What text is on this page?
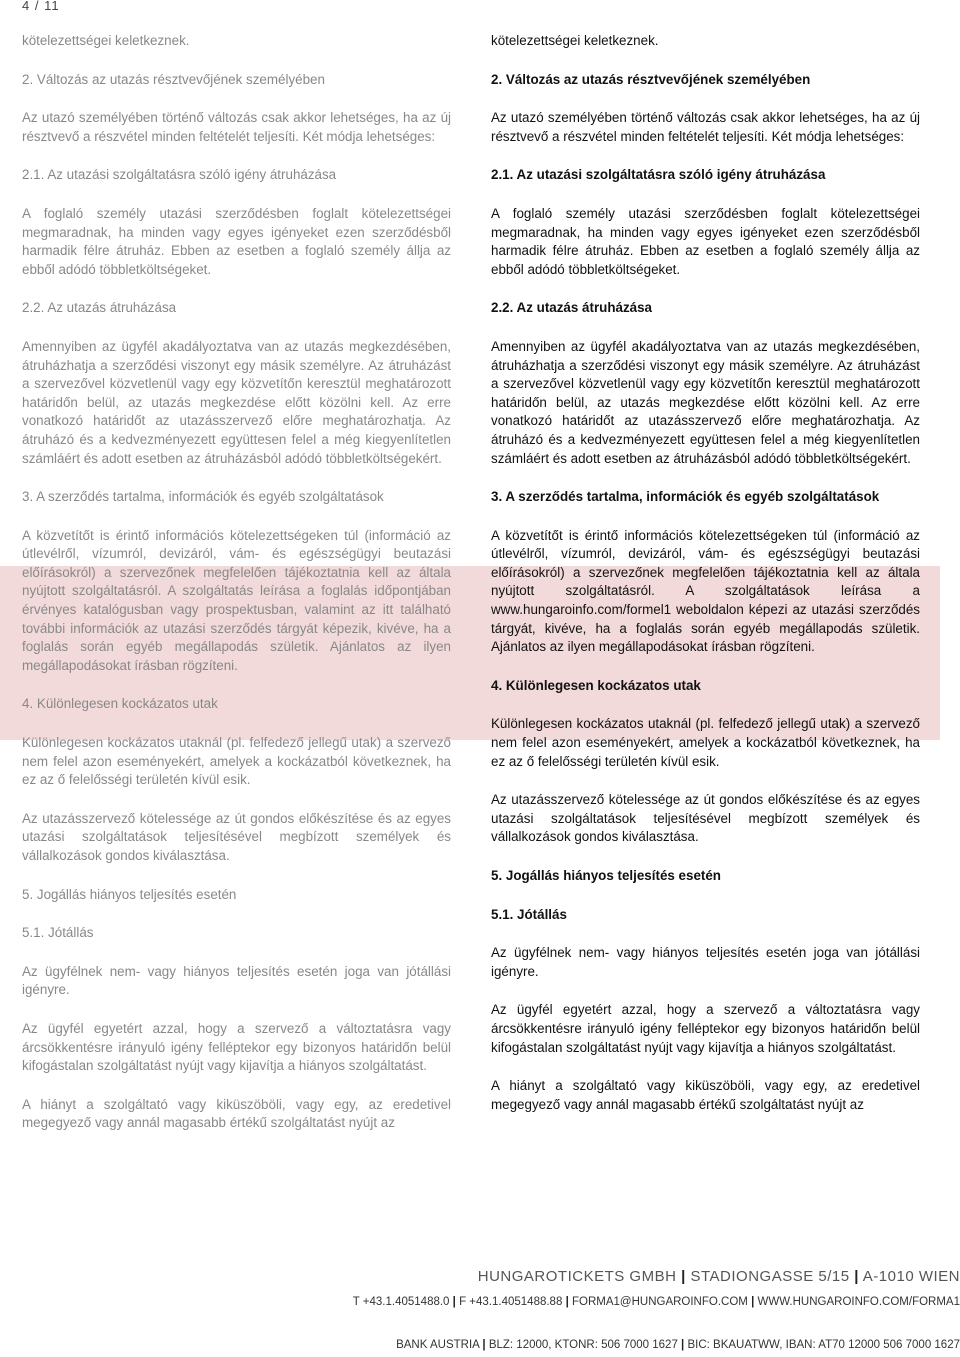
4 / 11

kötelezettségei keletkeznek.

2. Változás az utazás résztvevőjének személyében

Az utazó személyében történő változás csak akkor lehetséges, ha az új résztvevő a részvétel minden feltételét teljesíti. Két módja lehetséges:

2.1. Az utazási szolgáltatásra szóló igény átruházása

A foglaló személy utazási szerződésben foglalt kötelezettségei megmaradnak, ha minden vagy egyes igényeket ezen szerződésből harmadik félre átruház. Ebben az esetben a foglaló személy állja az ebből adódó többletköltségeket.

2.2. Az utazás átruházása

Amennyiben az ügyfél akadályoztatva van az utazás megkezdésében, átruházhatja a szerződési viszonyt egy másik személyre. Az átruházást a szervezővel közvetlenül vagy egy közvetítőn keresztül meghatározott határidőn belül, az utazás megkezdése előtt közölni kell. Az erre vonatkozó határidőt az utazásszervező előre meghatározhatja. Az átruházó és a kedvezményezett együttesen felel a még kiegyenlítetlen számláért és adott esetben az átruházásból adódó többletköltségekért.

3. A szerződés tartalma, információk és egyéb szolgáltatások

A közvetítőt is érintő információs kötelezettségeken túl (információ az útlevélről, vízumról, devizáról, vám- és egészségügyi beutazási előírásokról) a szervezőnek megfelelően tájékoztatnia kell az általa nyújtott szolgáltatásról. A szolgáltatás leírása a foglalás időpontjában érvényes katalógusban vagy prospektusban, valamint az itt található további információk az utazási szerződés tárgyát képezik, kivéve, ha a foglalás során egyéb megállapodás születik. Ajánlatos az ilyen megállapodásokat írásban rögzíteni.

4. Különlegesen kockázatos utak

Különlegesen kockázatos utaknál (pl. felfedező jellegű utak) a szervező nem felel azon eseményekért, amelyek a kockázatból következnek, ha ez az ő felelősségi területén kívül esik.

Az utazásszervező kötelessége az út gondos előkészítése és az egyes utazási szolgáltatások teljesítésével megbízott személyek és vállalkozások gondos kiválasztása.

5. Jogállás hiányos teljesítés esetén
5.1. Jótállás

Az ügyfélnek nem- vagy hiányos teljesítés esetén joga van jótállási igényre.

Az ügyfél egyetért azzal, hogy a szervező a változtatásra vagy árcsökkentésre irányuló igény felléptekor egy bizonyos határidőn belül kifogástalan szolgáltatást nyújt vagy kijavítja a hiányos szolgáltatást.

A hiányt a szolgáltató vagy kiküszöböli, vagy egy, az eredetivel megegyező vagy annál magasabb értékű szolgáltatást nyújt az

kötelezettségei keletkeznek.

2. Változás az utazás résztvevőjének személyében

Az utazó személyében történő változás csak akkor lehetséges, ha az új résztvevő a részvétel minden feltételét teljesíti. Két módja lehetséges:

2.1. Az utazási szolgáltatásra szóló igény átruházása

A foglaló személy utazási szerződésben foglalt kötelezettségei megmaradnak, ha minden vagy egyes igényeket ezen szerződésből harmadik félre átruház. Ebben az esetben a foglaló személy állja az ebből adódó többletköltségeket.

2.2. Az utazás átruházása

Amennyiben az ügyfél akadályoztatva van az utazás megkezdésében, átruházhatja a szerződési viszonyt egy másik személyre. Az átruházást a szervezővel közvetlenül vagy egy közvetítőn keresztül meghatározott határidőn belül, az utazás megkezdése előtt közölni kell. Az erre vonatkozó határidőt az utazásszervező előre meghatározhatja. Az átruházó és a kedvezményezett együttesen felel a még kiegyenlítetlen számláért és adott esetben az átruházásból adódó többletköltségekért.

3. A szerződés tartalma, információk és egyéb szolgáltatások

A közvetítőt is érintő információs kötelezettségeken túl (információ az útlevélről, vízumról, devizáról, vám- és egészségügyi beutazási előírásokról) a szervezőnek megfelelően tájékoztatnia kell az általa nyújtott szolgáltatásról. A szolgáltatások leírása a www.hungaroinfo.com/formel1 weboldalon képezi az utazási szerződés tárgyát, kivéve, ha a foglalás során egyéb megállapodás születik. Ajánlatos az ilyen megállapodásokat írásban rögzíteni.

4. Különlegesen kockázatos utak

Különlegesen kockázatos utaknál (pl. felfedező jellegű utak) a szervező nem felel azon eseményekért, amelyek a kockázatból következnek, ha ez az ő felelősségi területén kívül esik.

Az utazásszervező kötelessége az út gondos előkészítése és az egyes utazási szolgáltatások teljesítésével megbízott személyek és vállalkozások gondos kiválasztása.

5. Jogállás hiányos teljesítés esetén
5.1. Jótállás

Az ügyfélnek nem- vagy hiányos teljesítés esetén joga van jótállási igényre.

Az ügyfél egyetért azzal, hogy a szervező a változtatásra vagy árcsökkentésre irányuló igény felléptekor egy bizonyos határidőn belül kifogástalan szolgáltatást nyújt vagy kijavítja a hiányos szolgáltatást.

A hiányt a szolgáltató vagy kiküszöböli, vagy egy, az eredetivel megegyező vagy annál magasabb értékű szolgáltatást nyújt az

HUNGAROTICKETS GMBH | STADIONGASSE 5/15 | A-1010 WIEN
T +43.1.4051488.0 | F +43.1.4051488.88 | FORMA1@HUNGAROINFO.COM | WWW.HUNGAROINFO.COM/FORMA1
BANK AUSTRIA | BLZ: 12000, KTONR: 506 7000 1627 | BIC: BKAUATWW, IBAN: AT70 12000 506 7000 1627
